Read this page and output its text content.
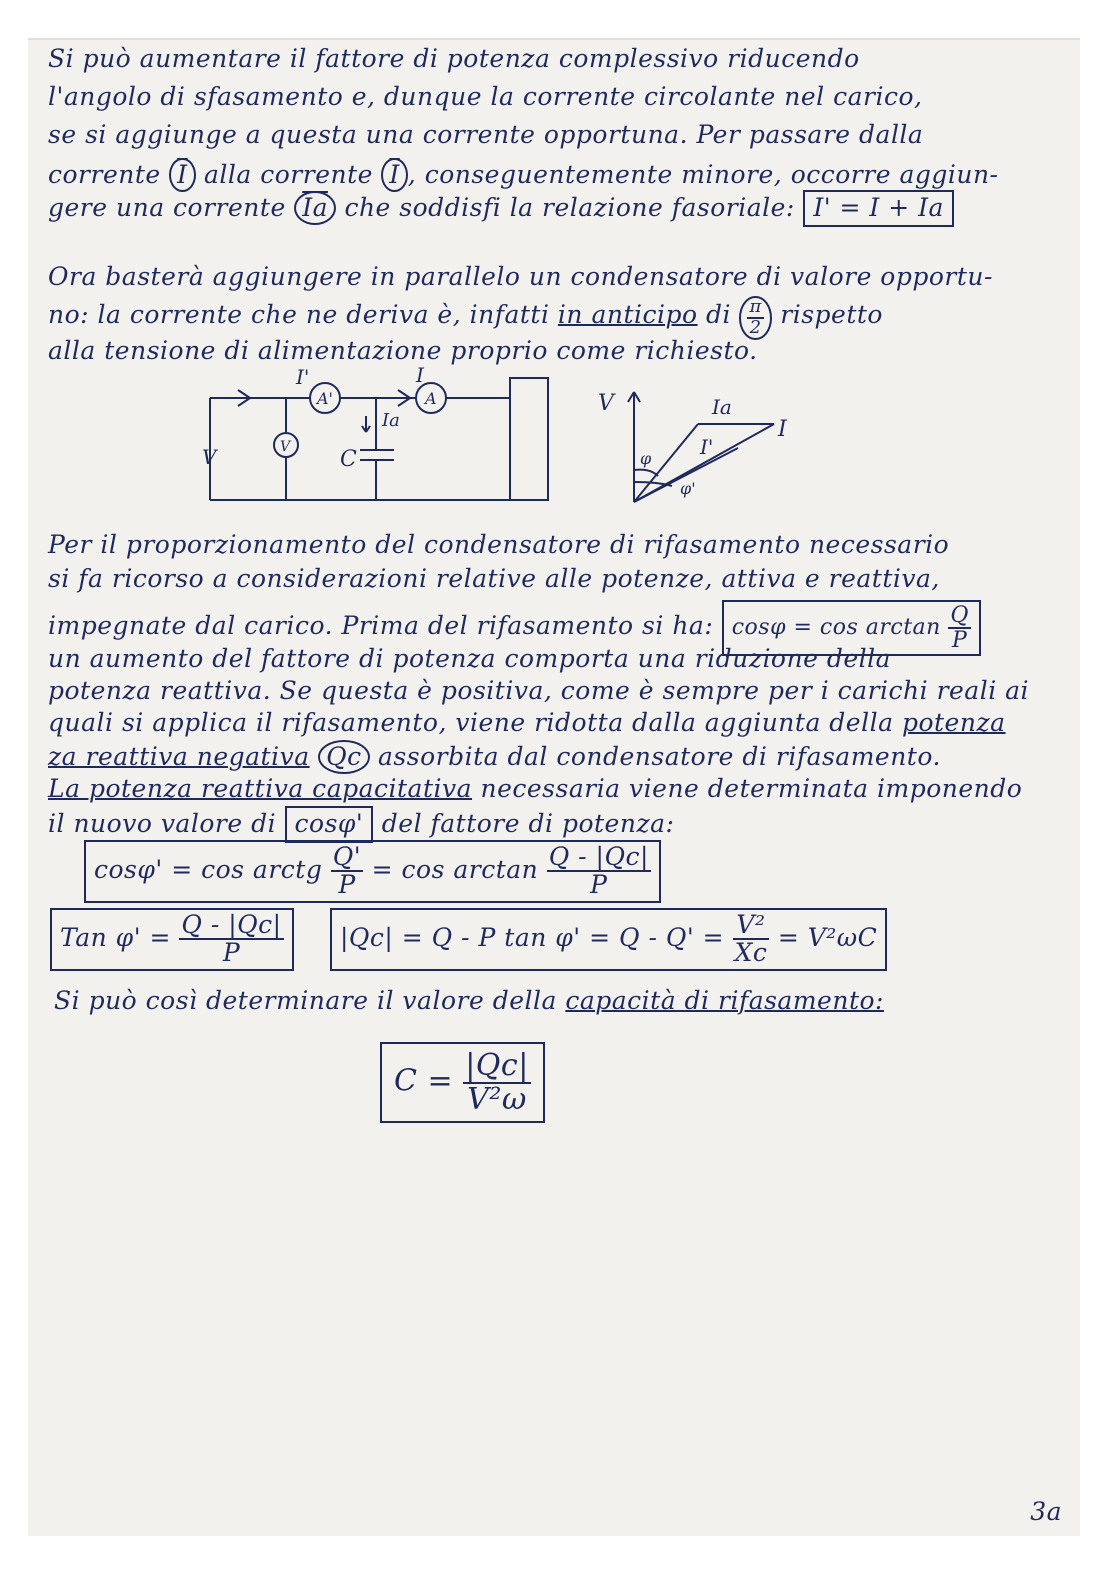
Si può aumentare il fattore di potenza complessivo riducendo
l'angolo di sfasamento e, dunque la corrente circolante nel carico,
se si aggiunge a questa una corrente opportuna. Per passare dalla
corrente $\overline{I}$ alla corrente $\overline{I}$ , conseguentemente minore, occorre aggiun-
gere una corrente $\overline{Ia}$ che soddisfi la relazione fasoriale: I' = I + Ia
Ora basterà aggiungere in parallelo un condensatore di valore opportu-
no: la corrente che ne deriva è, infatti in anticipo di $\frac{\pi}{2}$ rispetto
alla tensione di alimentazione proprio come richiesto.
I'	I
A'	A
V
V
Ia
C
V	Ia
I
I'
φ
φ'
Per il proporzionamento del condensatore di rifasamento necessario
si fa ricorso a considerazioni relative alle potenze, attiva e reattiva,
impegnate dal carico. Prima del rifasamento si ha: $\cos\varphi = \cos \arctan \frac{Q}{P}$
un aumento del fattore di potenza comporta una riduzione della
potenza reattiva. Se questa è positiva, come è sempre per i carichi reali ai
quali si applica il rifasamento, viene ridotta dalla aggiunta della potenza
za reattiva negativa Qc assorbita dal condensatore di rifasamento.
La potenza reattiva capacitativa necessaria viene determinata imponendo
il nuovo valore di cosφ' del fattore di potenza:
cosφ' = cos arctg $\frac{Q'}{P} = \cos \arctan \frac{Q - |Qc|}{P}$
Tan $\varphi' = \frac{Q - |Qc|}{P}$	|Qc| = Q - P $\tan \varphi' = Q - Q' = \frac{\text{V²}}{Xc} = V^2\omega C$
Si può così determinare il valore della capacità di rifasamento:
$C = \frac{|Qc|}{\text{V²ω}}$
3a
